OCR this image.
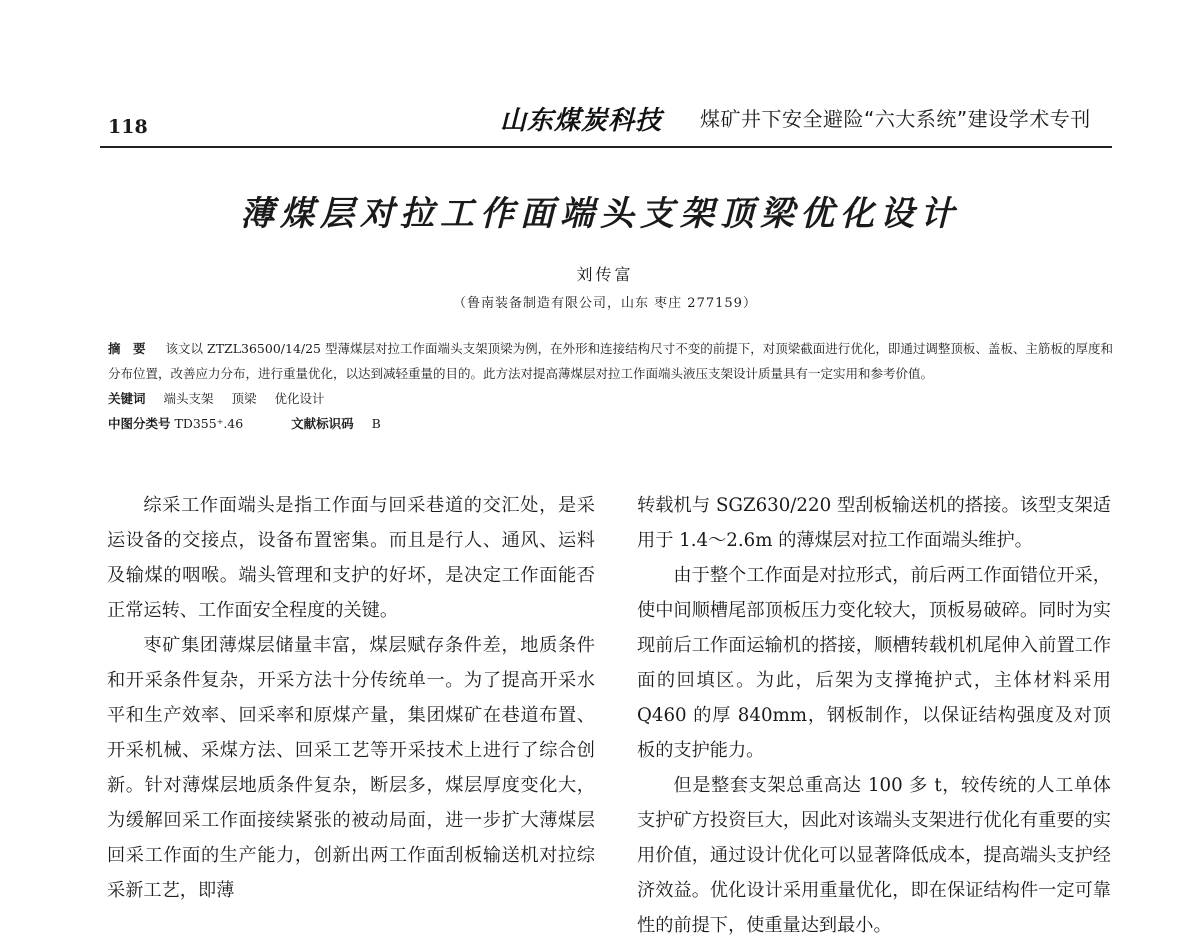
118	山东煤炭科技 煤矿井下安全避险“六大系统”建设学术专刊
薄煤层对拉工作面端头支架顶梁优化设计
刘传富
（鲁南装备制造有限公司，山东 枣庄 277159）

摘　要 该文以 ZTZL36500/14/25 型薄煤层对拉工作面端头支架顶梁为例，在外形和连接结构尺寸不变的前提下，对顶梁截面进行优化，即通过调整顶板、盖板、主筋板的厚度和分布位置，改善应力分布，进行重量优化，以达到减轻重量的目的。此方法对提高薄煤层对拉工作面端头液压支架设计质量具有一定实用和参考价值。

关键词 端头支架 顶梁 优化设计

中图分类号 TD355⁺.46	文献标识码 B

综采工作面端头是指工作面与回采巷道的交汇处，是采运设备的交接点，设备布置密集。而且是行人、通风、运料及输煤的咽喉。端头管理和支护的好坏，是决定工作面能否正常运转、工作面安全程度的关键。

枣矿集团薄煤层储量丰富，煤层赋存条件差，地质条件和开采条件复杂，开采方法十分传统单一。为了提高开采水平和生产效率、回采率和原煤产量，集团煤矿在巷道布置、开采机械、采煤方法、回采工艺等开采技术上进行了综合创新。针对薄煤层地质条件复杂，断层多，煤层厚度变化大，为缓解回采工作面接续紧张的被动局面，进一步扩大薄煤层回采工作面的生产能力，创新出两工作面刮板输送机对拉综采新工艺，即薄

转载机与 SGZ630/220 型刮板输送机的搭接。该型支架适用于 1.4～2.6m 的薄煤层对拉工作面端头维护。

由于整个工作面是对拉形式，前后两工作面错位开采，使中间顺槽尾部顶板压力变化较大，顶板易破碎。同时为实现前后工作面运输机的搭接，顺槽转载机机尾伸入前置工作面的回填区。为此，后架为支撑掩护式，主体材料采用 Q460 的厚 840mm，钢板制作，以保证结构强度及对顶板的支护能力。

但是整套支架总重高达 100 多 t，较传统的人工单体支护矿方投资巨大，因此对该端头支架进行优化有重要的实用价值，通过设计优化可以显著降低成本，提高端头支护经济效益。优化设计采用重量优化，即在保证结构件一定可靠性的前提下，使重量达到最小。
